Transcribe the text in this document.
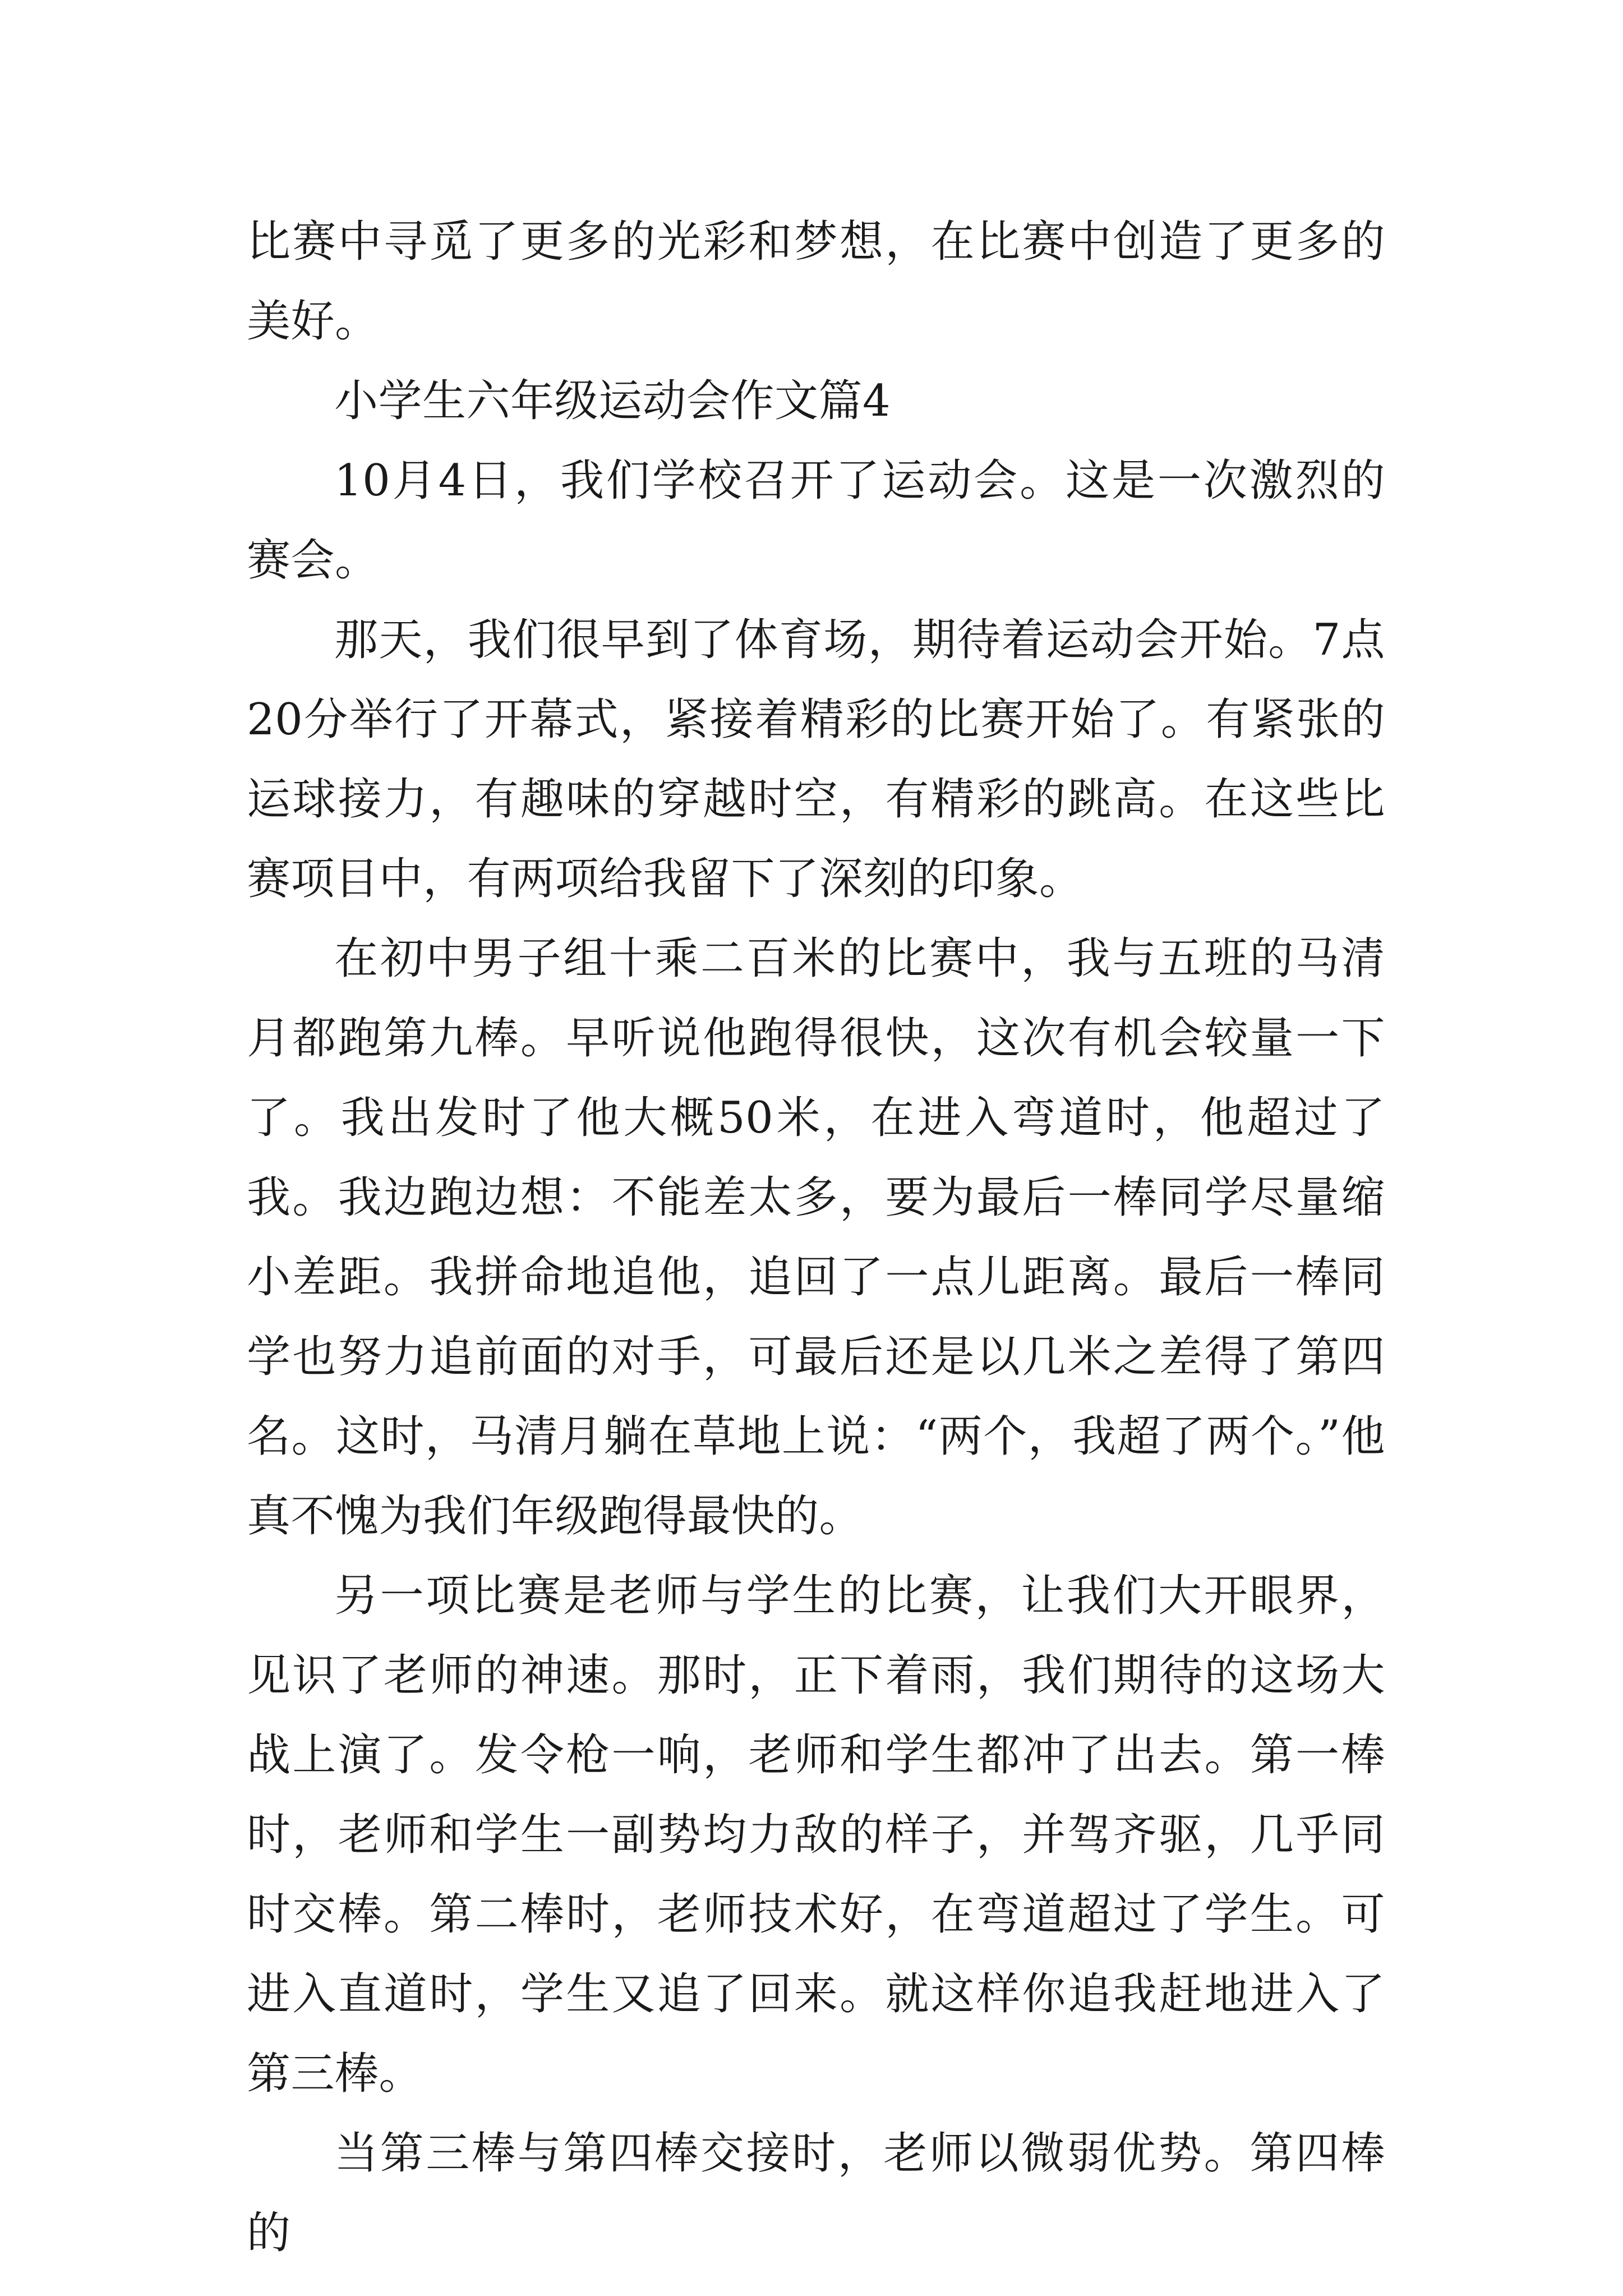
比赛中寻觅了更多的光彩和梦想，在比赛中创造了更多的美好。

小学生六年级运动会作文篇4

10月4日，我们学校召开了运动会。这是一次激烈的赛会。

那天，我们很早到了体育场，期待着运动会开始。7点20分举行了开幕式，紧接着精彩的比赛开始了。有紧张的运球接力，有趣味的穿越时空，有精彩的跳高。在这些比赛项目中，有两项给我留下了深刻的印象。

在初中男子组十乘二百米的比赛中，我与五班的马清月都跑第九棒。早听说他跑得很快，这次有机会较量一下了。我出发时了他大概50米，在进入弯道时，他超过了我。我边跑边想：不能差太多，要为最后一棒同学尽量缩小差距。我拼命地追他，追回了一点儿距离。最后一棒同学也努力追前面的对手，可最后还是以几米之差得了第四名。这时，马清月躺在草地上说：“两个，我超了两个。”他真不愧为我们年级跑得最快的。

另一项比赛是老师与学生的比赛，让我们大开眼界，见识了老师的神速。那时，正下着雨，我们期待的这场大战上演了。发令枪一响，老师和学生都冲了出去。第一棒时，老师和学生一副势均力敌的样子，并驾齐驱，几乎同时交棒。第二棒时，老师技术好，在弯道超过了学生。可进入直道时，学生又追了回来。就这样你追我赶地进入了第三棒。

当第三棒与第四棒交接时，老师以微弱优势。第四棒的
